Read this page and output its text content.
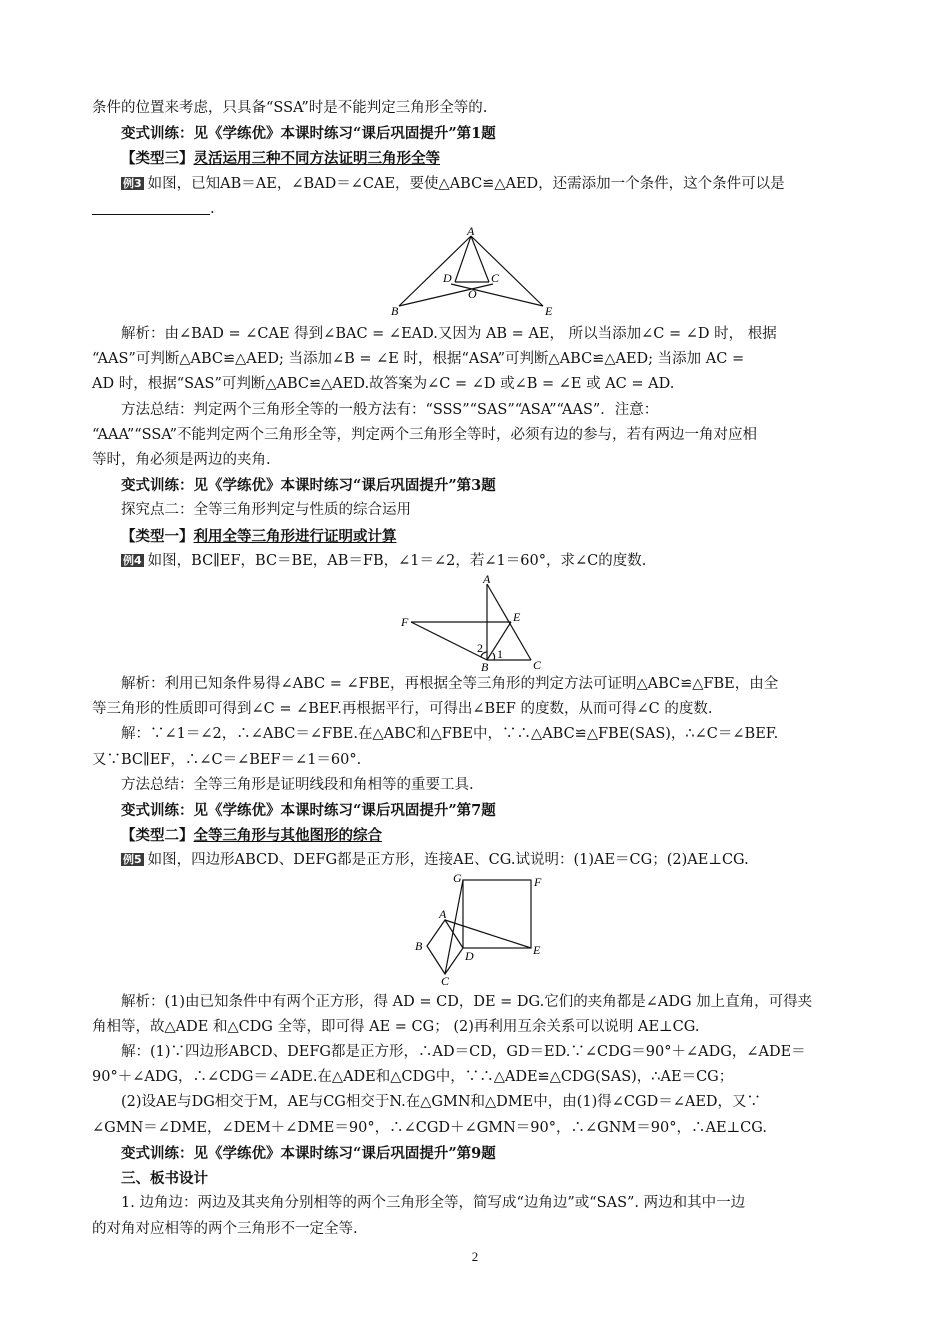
条件的位置来考虑，只具备“SSA”时是不能判定三角形全等的.

变式训练：见《学练优》本课时练习“课后巩固提升”第1题

【类型三】灵活运用三种不同方法证明三角形全等

例3 如图，已知AB＝AE，∠BAD＝∠CAE，要使△ABC≌△AED，还需添加一个条件，这个条件可以是

.

A
B
C
D
E
O

解析：由∠BAD = ∠CAE 得到∠BAC = ∠EAD.又因为 AB = AE， 所以当添加∠C = ∠D 时， 根据

“AAS”可判断△ABC≌△AED; 当添加∠B = ∠E 时，根据“ASA”可判断△ABC≌△AED; 当添加 AC =

AD 时，根据“SAS”可判断△ABC≌△AED.故答案为∠C = ∠D 或∠B = ∠E 或 AC = AD.

方法总结：判定两个三角形全等的一般方法有：“SSS”“SAS”“ASA”“AAS”．注意：

“AAA”“SSA”不能判定两个三角形全等，判定两个三角形全等时，必须有边的参与，若有两边一角对应相

等时，角必须是两边的夹角.

变式训练：见《学练优》本课时练习“课后巩固提升”第3题

探究点二：全等三角形判定与性质的综合运用

【类型一】利用全等三角形进行证明或计算

例4 如图，BC∥EF，BC＝BE，AB＝FB，∠1＝∠2，若∠1＝60°，求∠C的度数.

A
F	E
B	C
1
2

解析：利用已知条件易得∠ABC = ∠FBE，再根据全等三角形的判定方法可证明△ABC≌△FBE，由全

等三角形的性质即可得到∠C = ∠BEF.再根据平行，可得出∠BEF 的度数，从而可得∠C 的度数.

解：∵∠1＝∠2，∴∠ABC＝∠FBE.在△ABC和△FBE中，∵∴△ABC≌△FBE(SAS)，∴∠C＝∠BEF.

又∵BC∥EF，∴∠C＝∠BEF＝∠1＝60°.

方法总结：全等三角形是证明线段和角相等的重要工具.

变式训练：见《学练优》本课时练习“课后巩固提升”第7题

【类型二】全等三角形与其他图形的综合

例5 如图，四边形ABCD、DEFG都是正方形，连接AE、CG.试说明：(1)AE＝CG；(2)AE⊥CG.

G	F
A
B
D	E
C

解析：(1)由已知条件中有两个正方形，得 AD = CD，DE = DG.它们的夹角都是∠ADG 加上直角，可得夹

角相等，故△ADE 和△CDG 全等，即可得 AE = CG； (2)再利用互余关系可以说明 AE⊥CG.

解：(1)∵四边形ABCD、DEFG都是正方形，∴AD＝CD，GD＝ED.∵∠CDG＝90°＋∠ADG，∠ADE＝

90°＋∠ADG，∴∠CDG＝∠ADE.在△ADE和△CDG中，∵∴△ADE≌△CDG(SAS)，∴AE＝CG；

(2)设AE与DG相交于M，AE与CG相交于N.在△GMN和△DME中，由(1)得∠CGD＝∠AED，又∵

∠GMN＝∠DME，∠DEM＋∠DME＝90°，∴∠CGD＋∠GMN＝90°，∴∠GNM＝90°，∴AE⊥CG.

变式训练：见《学练优》本课时练习“课后巩固提升”第9题

三、板书设计

1. 边角边：两边及其夹角分别相等的两个三角形全等，简写成“边角边”或“SAS”. 两边和其中一边

的对角对应相等的两个三角形不一定全等.

2
